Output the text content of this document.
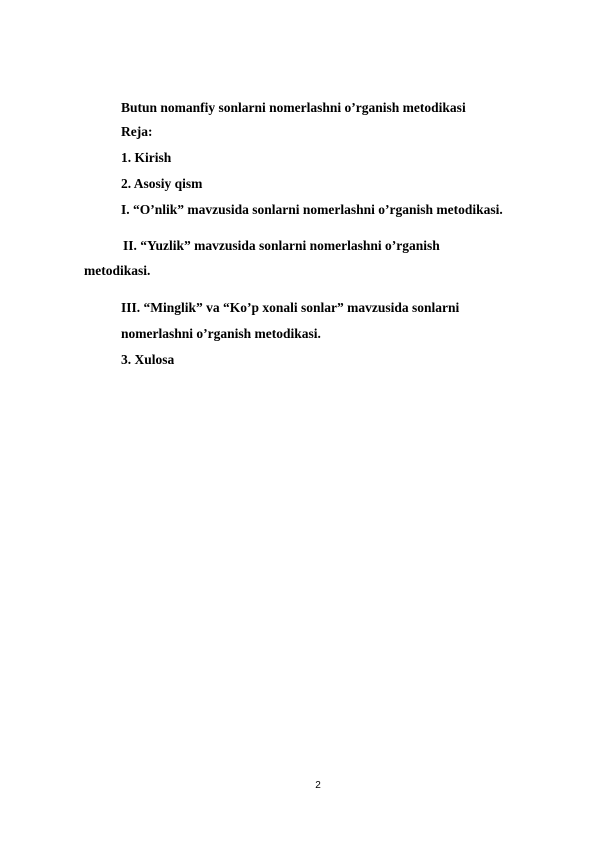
Butun nomanfiy sonlarni nomerlashni o’rganish metodikasi
Reja:
1. Kirish
2. Asosiy qism
I. “O’nlik” mavzusida sonlarni nomerlashni o’rganish metodikasi.
II. “Yuzlik” mavzusida sonlarni nomerlashni o’rganish
metodikasi.
III. “Minglik” va “Ko’p xonali sonlar” mavzusida sonlarni
nomerlashni o’rganish metodikasi.
3. Xulosa
2
